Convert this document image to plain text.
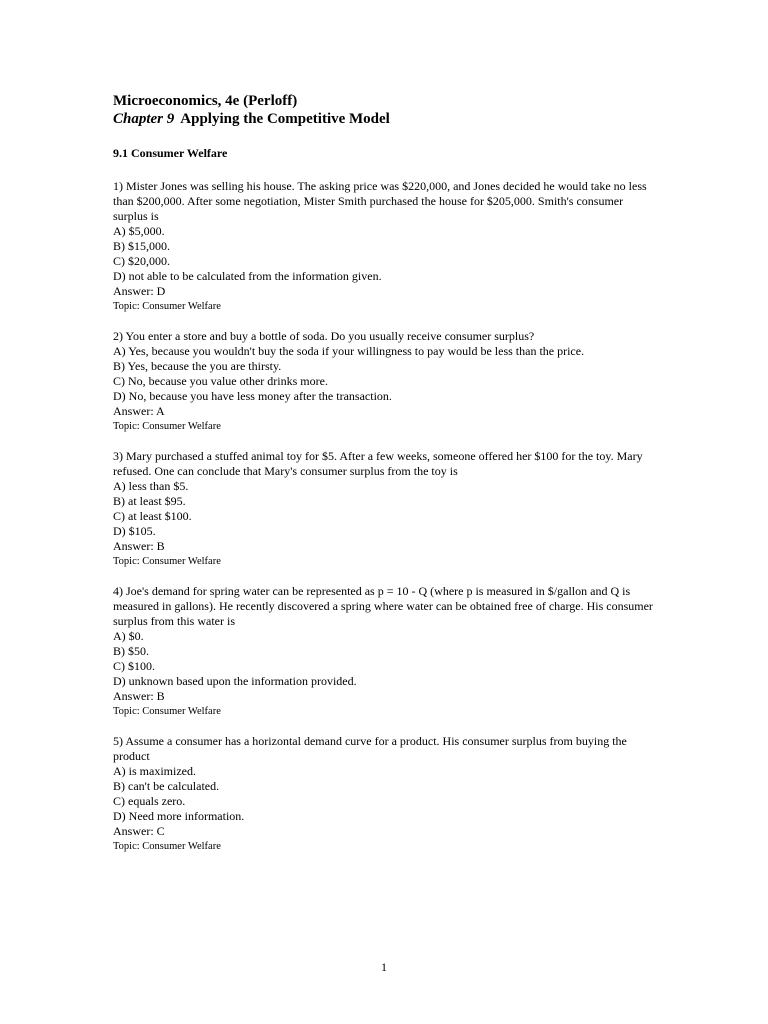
Microeconomics, 4e (Perloff)
Chapter 9 Applying the Competitive Model
9.1 Consumer Welfare
1) Mister Jones was selling his house. The asking price was $220,000, and Jones decided he would take no less than $200,000. After some negotiation, Mister Smith purchased the house for $205,000. Smith's consumer surplus is
A) $5,000.
B) $15,000.
C) $20,000.
D) not able to be calculated from the information given.
Answer: D
Topic: Consumer Welfare
2) You enter a store and buy a bottle of soda. Do you usually receive consumer surplus?
A) Yes, because you wouldn't buy the soda if your willingness to pay would be less than the price.
B) Yes, because the you are thirsty.
C) No, because you value other drinks more.
D) No, because you have less money after the transaction.
Answer: A
Topic: Consumer Welfare
3) Mary purchased a stuffed animal toy for $5. After a few weeks, someone offered her $100 for the toy. Mary refused. One can conclude that Mary's consumer surplus from the toy is
A) less than $5.
B) at least $95.
C) at least $100.
D) $105.
Answer: B
Topic: Consumer Welfare
4) Joe's demand for spring water can be represented as p = 10 - Q (where p is measured in $/gallon and Q is measured in gallons). He recently discovered a spring where water can be obtained free of charge. His consumer surplus from this water is
A) $0.
B) $50.
C) $100.
D) unknown based upon the information provided.
Answer: B
Topic: Consumer Welfare
5) Assume a consumer has a horizontal demand curve for a product. His consumer surplus from buying the product
A) is maximized.
B) can't be calculated.
C) equals zero.
D) Need more information.
Answer: C
Topic: Consumer Welfare
1
